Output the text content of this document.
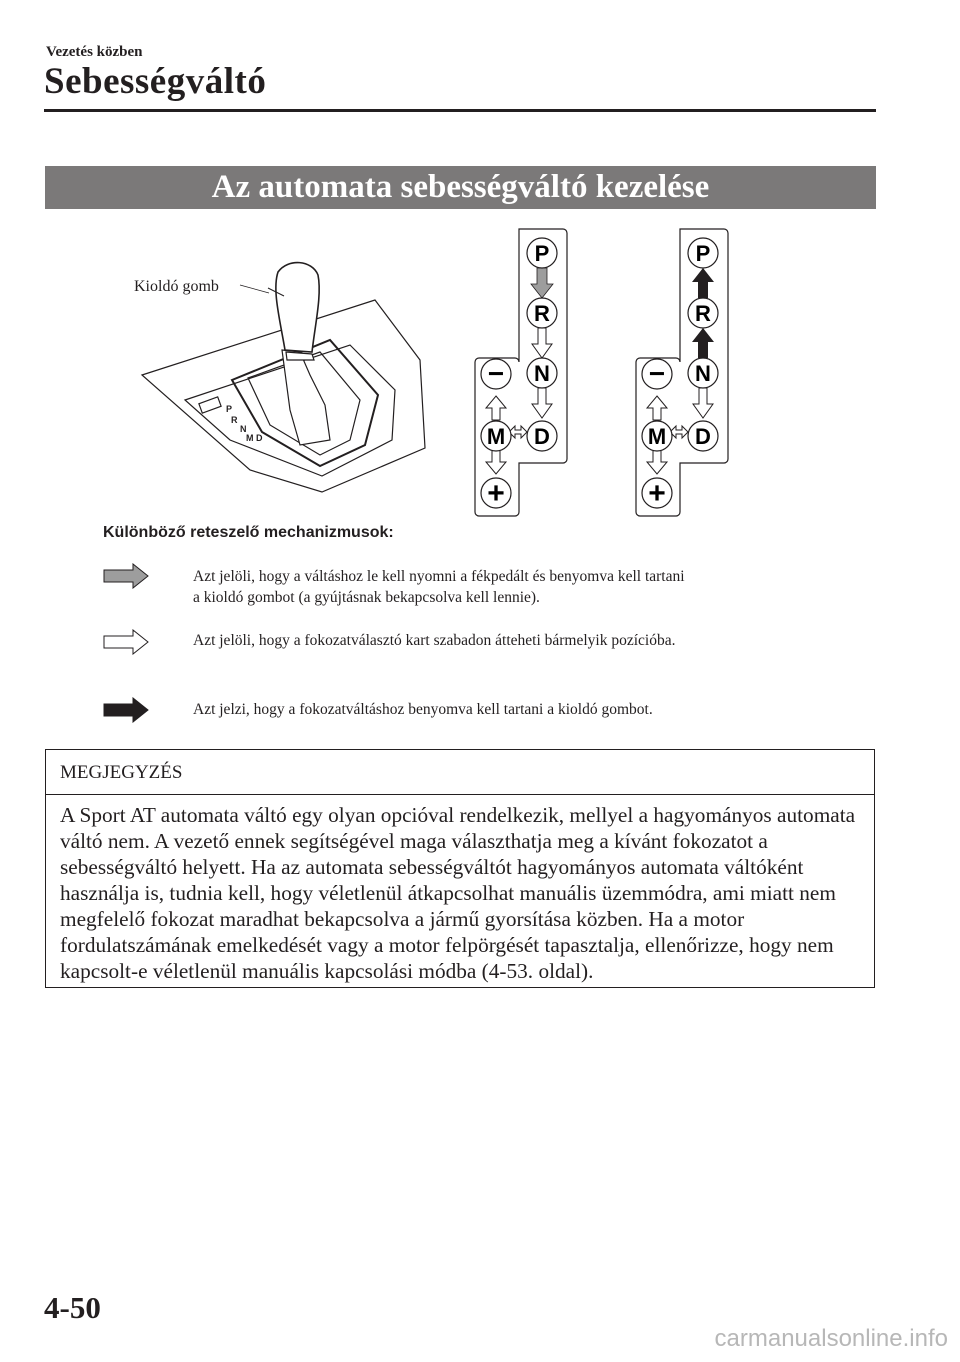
Vezetés közben
Sebességváltó
Az automata sebességváltó kezelése
P
R
N
M D
Kioldó gomb
P
R
N
D
M
−
+
P
R
N
D
M
−
+
Különböző reteszelő mechanizmusok:
Azt jelöli, hogy a váltáshoz le kell nyomni a fékpedált és benyomva kell tartani
a kioldó gombot (a gyújtásnak bekapcsolva kell lennie).
Azt jelöli, hogy a fokozatválasztó kart szabadon átteheti bármelyik pozícióba.
Azt jelzi, hogy a fokozatváltáshoz benyomva kell tartani a kioldó gombot.
MEGJEGYZÉS
A Sport AT automata váltó egy olyan opcióval rendelkezik, mellyel a hagyományos automata váltó nem. A vezető ennek segítségével maga választhatja meg a kívánt fokozatot a sebességváltó helyett. Ha az automata sebességváltót hagyományos automata váltóként használja is, tudnia kell, hogy véletlenül átkapcsolhat manuális üzemmódra, ami miatt nem megfelelő fokozat maradhat bekapcsolva a jármű gyorsítása közben. Ha a motor fordulatszámának emelkedését vagy a motor felpörgését tapasztalja, ellenőrizze, hogy nem kapcsolt-e véletlenül manuális kapcsolási módba (4-53. oldal).
4-50
carmanualsonline.info
